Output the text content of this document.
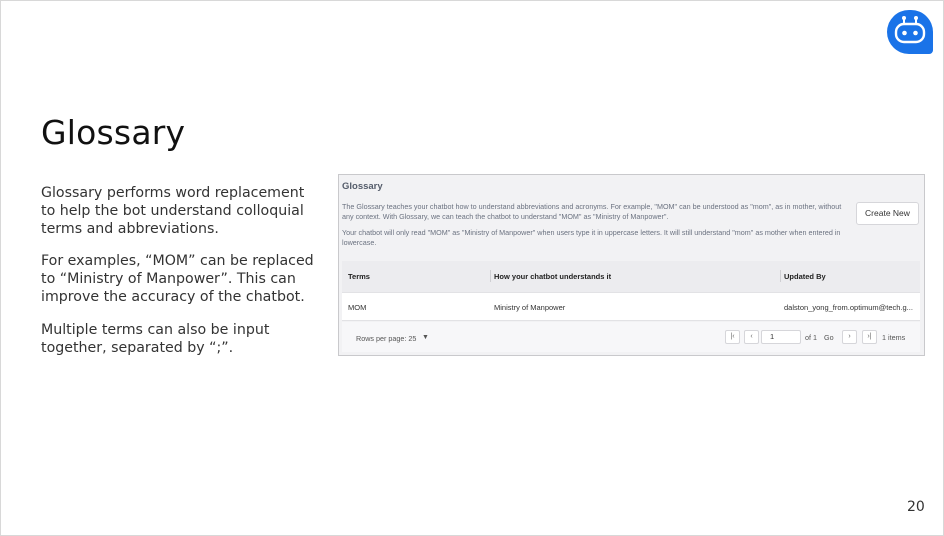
Glossary
Glossary performs word replacement to help the bot understand colloquial terms and abbreviations.
For examples, “MOM” can be replaced to “Ministry of Manpower”. This can improve the accuracy of the chatbot.
Multiple terms can also be input together, separated by “;”.
Glossary
The Glossary teaches your chatbot how to understand abbreviations and acronyms. For example, "MOM" can be understood as "mom", as in mother, without any context. With Glossary, we can teach the chatbot to understand "MOM" as "Ministry of Manpower".
Your chatbot will only read "MOM" as "Ministry of Manpower" when users type it in uppercase letters. It will still understand "mom" as mother when entered in lowercase.
Create New
Terms	How your chatbot understands it	Updated By
MOM	Ministry of Manpower	dalston_yong_from.optimum@tech.g...
Rows per page: 25 ▼	|‹	‹	1	of 1 Go	›	›|	1 items
20
